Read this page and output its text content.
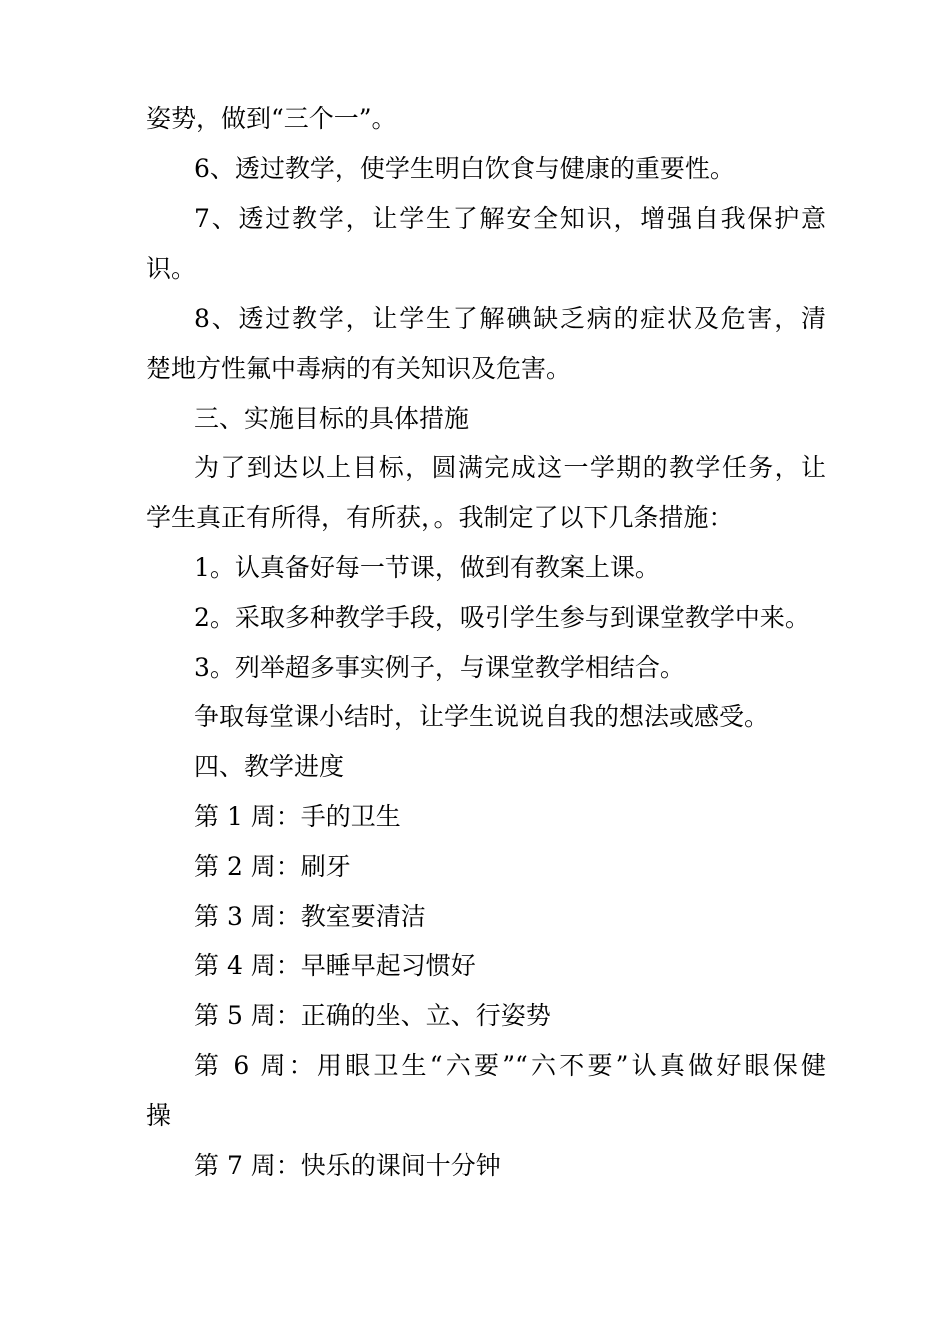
姿势，做到“三个一”。
6、透过教学，使学生明白饮食与健康的重要性。
7、透过教学，让学生了解安全知识，增强自我保护意
识。
8、透过教学，让学生了解碘缺乏病的症状及危害，清
楚地方性氟中毒病的有关知识及危害。
三、实施目标的具体措施
为了到达以上目标，圆满完成这一学期的教学任务，让
学生真正有所得，有所获，。我制定了以下几条措施：
1。认真备好每一节课，做到有教案上课。
2。采取多种教学手段，吸引学生参与到课堂教学中来。
3。列举超多事实例子，与课堂教学相结合。
争取每堂课小结时，让学生说说自我的想法或感受。
四、教学进度
第 1 周：手的卫生
第 2 周：刷牙
第 3 周：教室要清洁
第 4 周：早睡早起习惯好
第 5 周：正确的坐、立、行姿势
第 6 周：用眼卫生“六要”“六不要”认真做好眼保健
操
第 7 周：快乐的课间十分钟
